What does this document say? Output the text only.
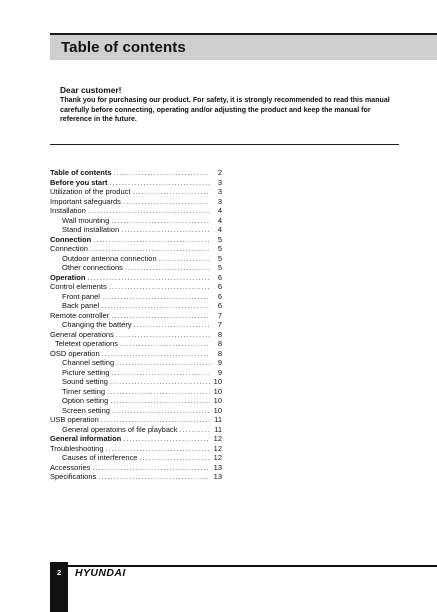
Table of contents

Dear customer!

Thank you for purchasing our product. For safety, it is strongly recommended to read this manual carefully before connecting, operating and/or adjusting the product and keep the manual for reference in the future.

Table of contents .....	2
Before you start .....	3
Utilization of the product .....	3
Important safeguards .....	3
Installation .....	4
Wall mounting .....	4
Stand installation .....	4
Connection .....	5
Connection .....	5
Outdoor antenna connection .....	5
Other connections .....	5
Operation .....	6
Control elements .....	6
Front panel .....	6
Back panel .....	6
Remote controller .....	7
Changing the battery .....	7
General operations .....	8
Teletext operations .....	8
OSD operation .....	8
Channel setting .....	9
Picture setting .....	9
Sound setting .....	10
Timer setting .....	10
Option setting .....	10
Screen setting .....	10
USB operation .....	11
General operatoins of file playback .....	11
General information .....	12
Troubleshooting .....	12
Causes of interference .....	12
Accessories .....	13
Specifications .....	13
2 HYUNDAI
